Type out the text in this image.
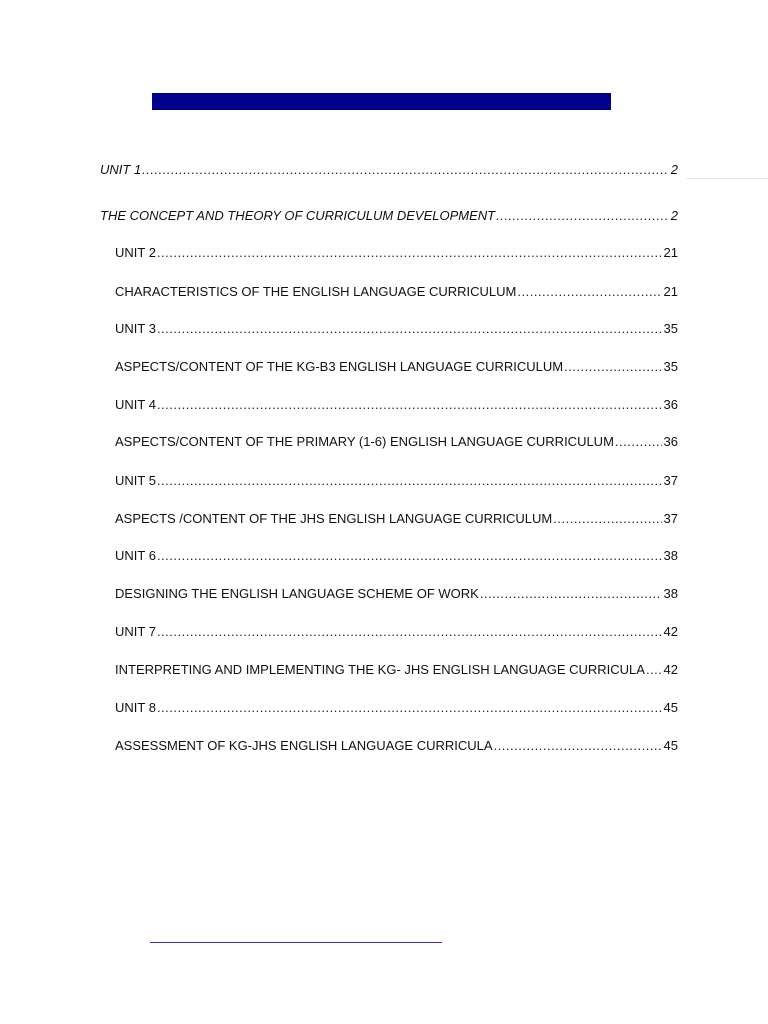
UNIT 1 .....	2
THE CONCEPT AND THEORY OF CURRICULUM DEVELOPMENT .....	2
UNIT 2 .....	21
CHARACTERISTICS OF THE ENGLISH LANGUAGE CURRICULUM .....	21
UNIT 3 .....	35
ASPECTS/CONTENT OF THE KG-B3 ENGLISH LANGUAGE CURRICULUM .....	35
UNIT 4 .....	36
ASPECTS/CONTENT OF THE PRIMARY (1-6) ENGLISH LANGUAGE CURRICULUM .....	36
UNIT 5 .....	37
ASPECTS /CONTENT OF THE JHS ENGLISH LANGUAGE CURRICULUM .....	37
UNIT 6 .....	38
DESIGNING THE ENGLISH LANGUAGE SCHEME OF WORK .....	38
UNIT 7 .....	42
INTERPRETING AND IMPLEMENTING THE KG- JHS ENGLISH LANGUAGE CURRICULA ..... 42
UNIT 8 .....	45
ASSESSMENT OF KG-JHS ENGLISH LANGUAGE CURRICULA .....	45
